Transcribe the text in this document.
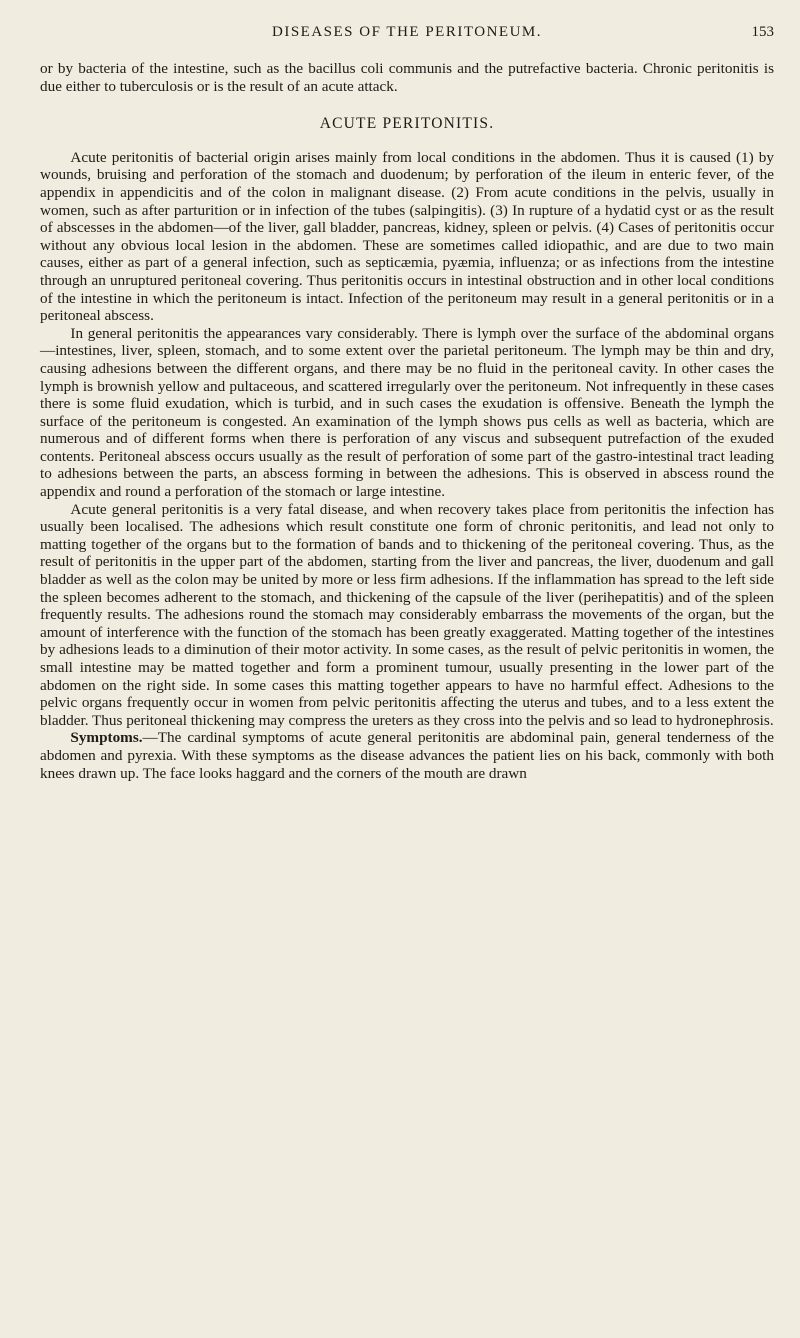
DISEASES OF THE PERITONEUM.	153

or by bacteria of the intestine, such as the bacillus coli communis and the putrefactive bacteria. Chronic peritonitis is due either to tuberculosis or is the result of an acute attack.

ACUTE PERITONITIS.

Acute peritonitis of bacterial origin arises mainly from local conditions in the abdomen. Thus it is caused (1) by wounds, bruising and perforation of the stomach and duodenum; by perforation of the ileum in enteric fever, of the appendix in appendicitis and of the colon in malignant disease. (2) From acute conditions in the pelvis, usually in women, such as after parturition or in infection of the tubes (salpingitis). (3) In rupture of a hydatid cyst or as the result of abscesses in the abdomen—of the liver, gall bladder, pancreas, kidney, spleen or pelvis. (4) Cases of peritonitis occur without any obvious local lesion in the abdomen. These are sometimes called idiopathic, and are due to two main causes, either as part of a general infection, such as septicæmia, pyæmia, influenza; or as infections from the intestine through an unruptured peritoneal covering. Thus peritonitis occurs in intestinal obstruction and in other local conditions of the intestine in which the peritoneum is intact. Infection of the peritoneum may result in a general peritonitis or in a peritoneal abscess.

In general peritonitis the appearances vary considerably. There is lymph over the surface of the abdominal organs—intestines, liver, spleen, stomach, and to some extent over the parietal peritoneum. The lymph may be thin and dry, causing adhesions between the different organs, and there may be no fluid in the peritoneal cavity. In other cases the lymph is brownish yellow and pultaceous, and scattered irregularly over the peritoneum. Not infrequently in these cases there is some fluid exudation, which is turbid, and in such cases the exudation is offensive. Beneath the lymph the surface of the peritoneum is congested. An examination of the lymph shows pus cells as well as bacteria, which are numerous and of different forms when there is perforation of any viscus and subsequent putrefaction of the exuded contents. Peritoneal abscess occurs usually as the result of perforation of some part of the gastro-intestinal tract leading to adhesions between the parts, an abscess forming in between the adhesions. This is observed in abscess round the appendix and round a perforation of the stomach or large intestine.

Acute general peritonitis is a very fatal disease, and when recovery takes place from peritonitis the infection has usually been localised. The adhesions which result constitute one form of chronic peritonitis, and lead not only to matting together of the organs but to the formation of bands and to thickening of the peritoneal covering. Thus, as the result of peritonitis in the upper part of the abdomen, starting from the liver and pancreas, the liver, duodenum and gall bladder as well as the colon may be united by more or less firm adhesions. If the inflammation has spread to the left side the spleen becomes adherent to the stomach, and thickening of the capsule of the liver (perihepatitis) and of the spleen frequently results. The adhesions round the stomach may considerably embarrass the movements of the organ, but the amount of interference with the function of the stomach has been greatly exaggerated. Matting together of the intestines by adhesions leads to a diminution of their motor activity. In some cases, as the result of pelvic peritonitis in women, the small intestine may be matted together and form a prominent tumour, usually presenting in the lower part of the abdomen on the right side. In some cases this matting together appears to have no harmful effect. Adhesions to the pelvic organs frequently occur in women from pelvic peritonitis affecting the uterus and tubes, and to a less extent the bladder. Thus peritoneal thickening may compress the ureters as they cross into the pelvis and so lead to hydronephrosis.

Symptoms.—The cardinal symptoms of acute general peritonitis are abdominal pain, general tenderness of the abdomen and pyrexia. With these symptoms as the disease advances the patient lies on his back, commonly with both knees drawn up. The face looks haggard and the corners of the mouth are drawn
